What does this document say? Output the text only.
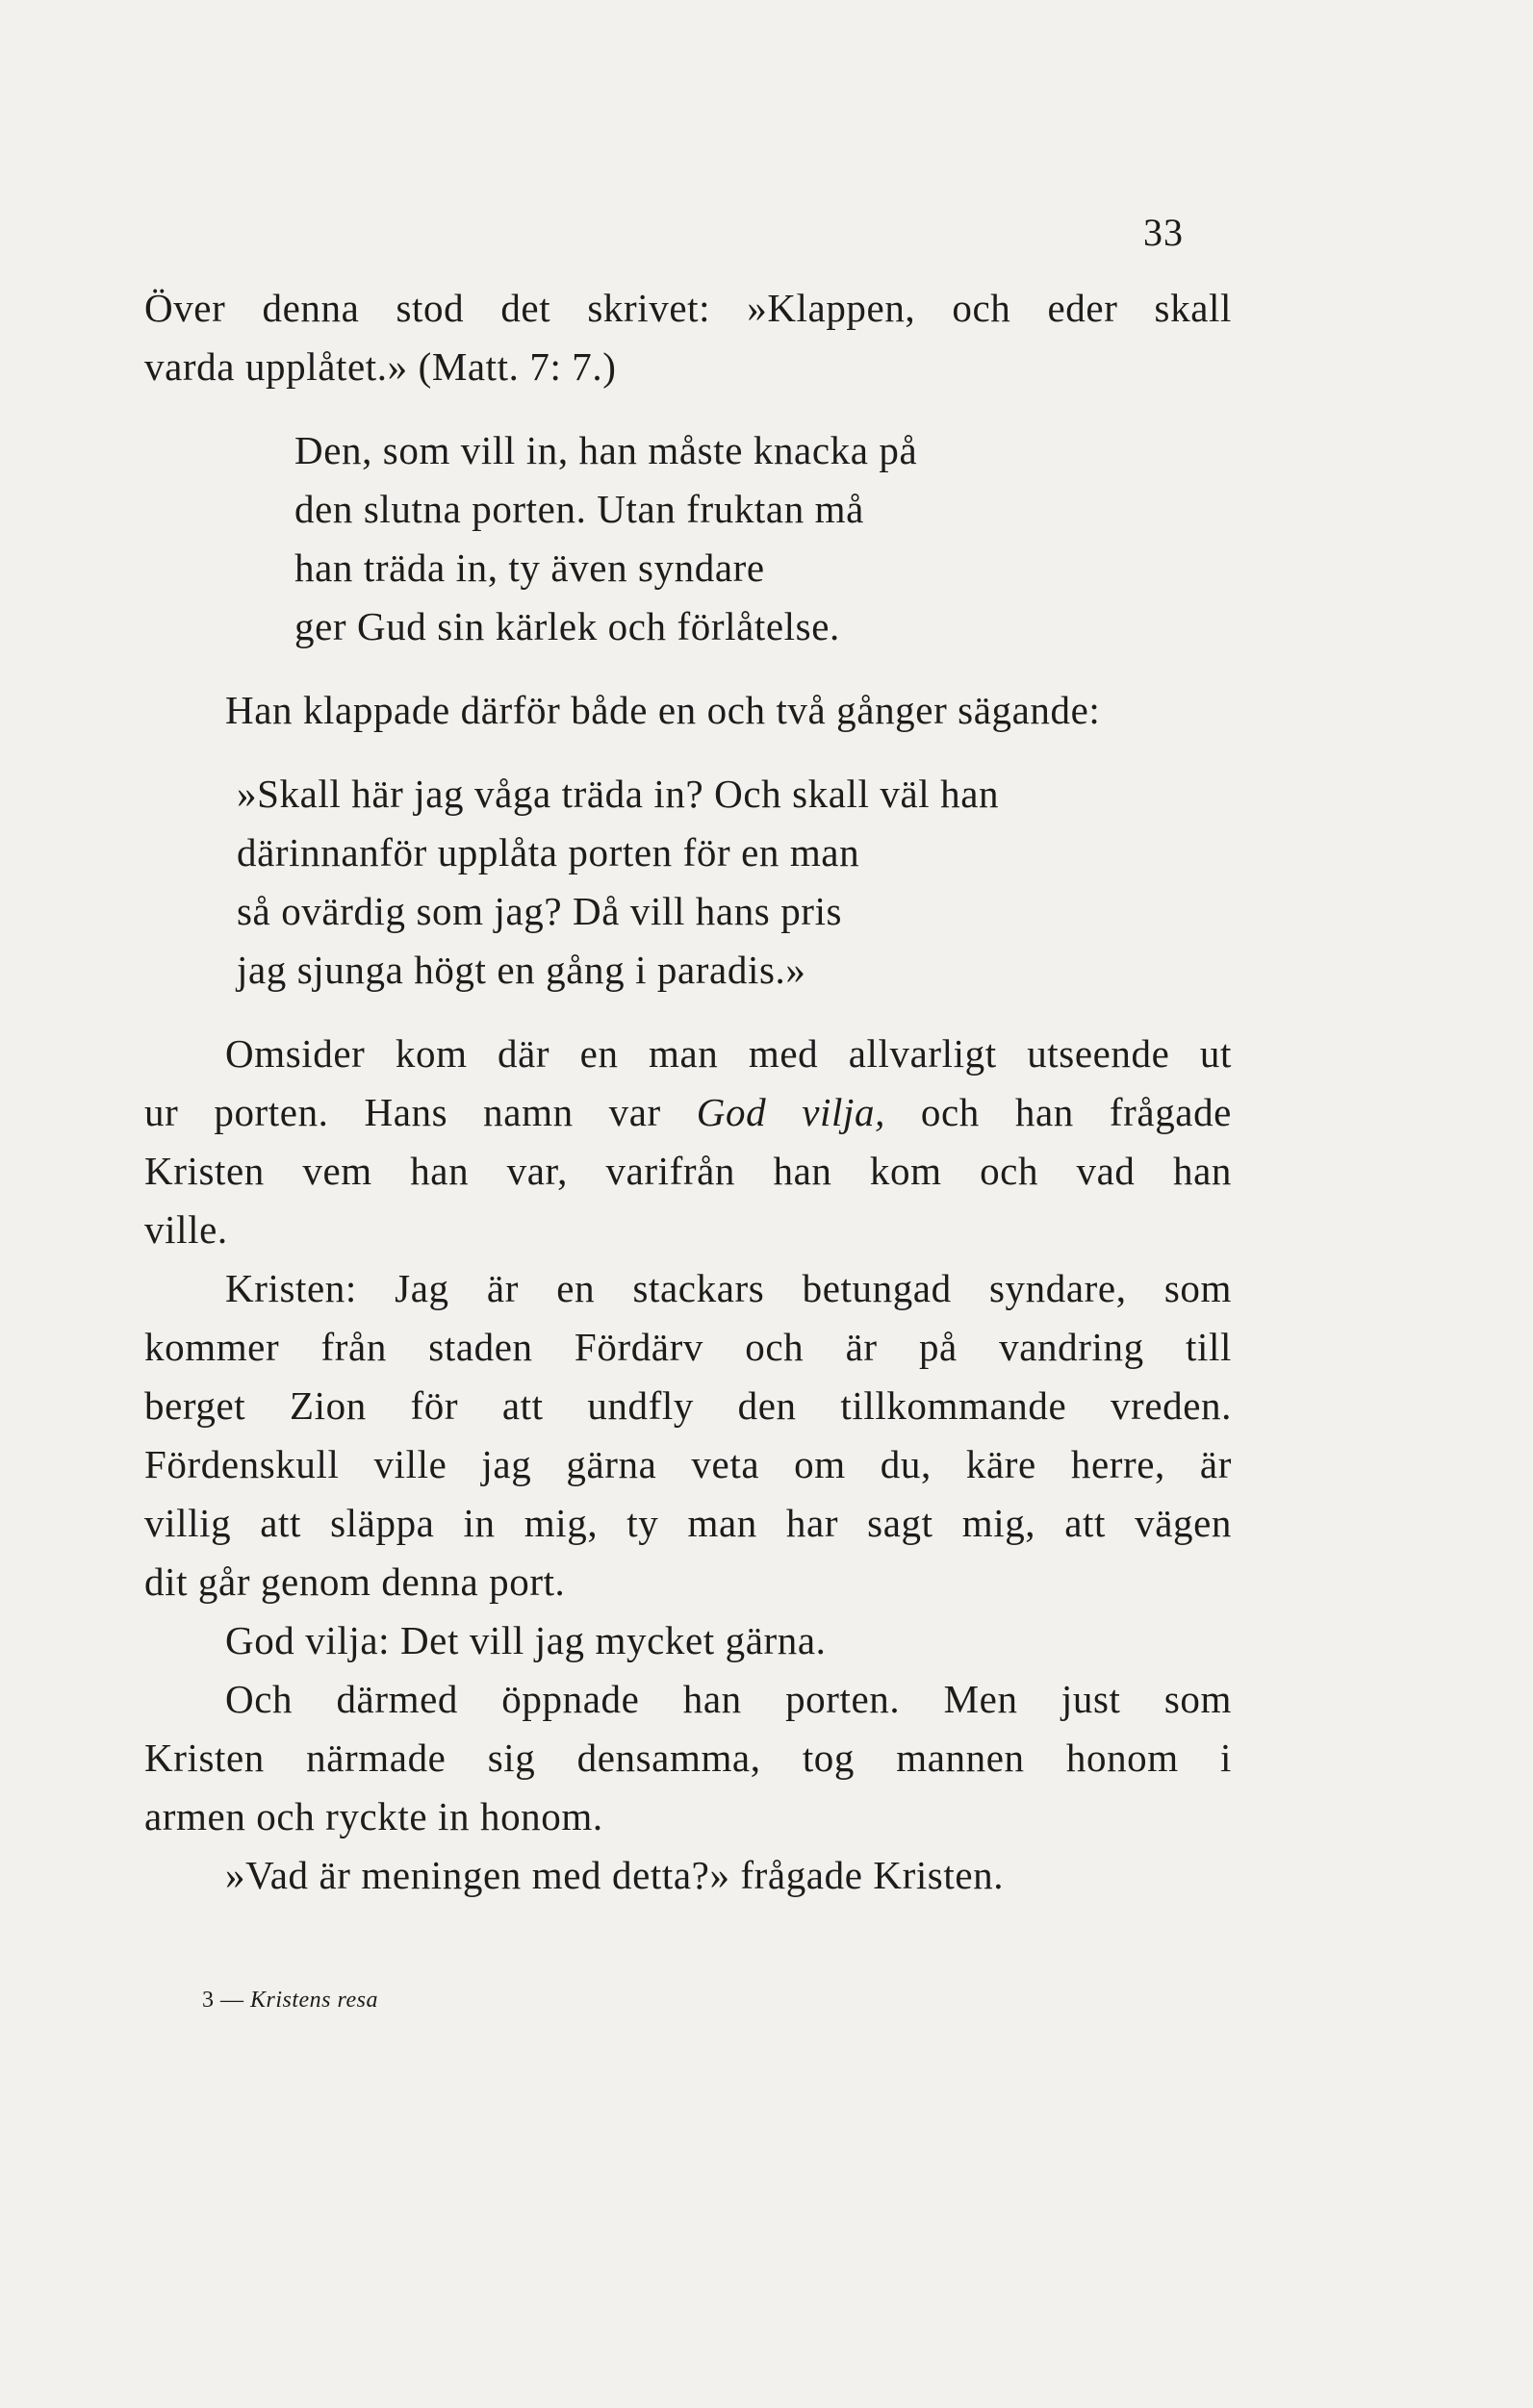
33
Över denna stod det skrivet: »Klappen, och eder skall
varda upplåtet.» (Matt. 7: 7.)
Den, som vill in, han måste knacka på
den slutna porten. Utan fruktan må
han träda in, ty även syndare
ger Gud sin kärlek och förlåtelse.
Han klappade därför både en och två gånger sägande:
»Skall här jag våga träda in? Och skall väl han
därinnanför upplåta porten för en man
så ovärdig som jag? Då vill hans pris
jag sjunga högt en gång i paradis.»
Omsider kom där en man med allvarligt utseende ut
ur porten. Hans namn var God vilja, och han frågade
Kristen vem han var, varifrån han kom och vad han
ville.
Kristen: Jag är en stackars betungad syndare, som
kommer från staden Fördärv och är på vandring till
berget Zion för att undfly den tillkommande vreden.
Fördenskull ville jag gärna veta om du, käre herre, är
villig att släppa in mig, ty man har sagt mig, att vägen
dit går genom denna port.
God vilja: Det vill jag mycket gärna.
Och därmed öppnade han porten. Men just som
Kristen närmade sig densamma, tog mannen honom i
armen och ryckte in honom.
»Vad är meningen med detta?» frågade Kristen.
3 — Kristens resa
